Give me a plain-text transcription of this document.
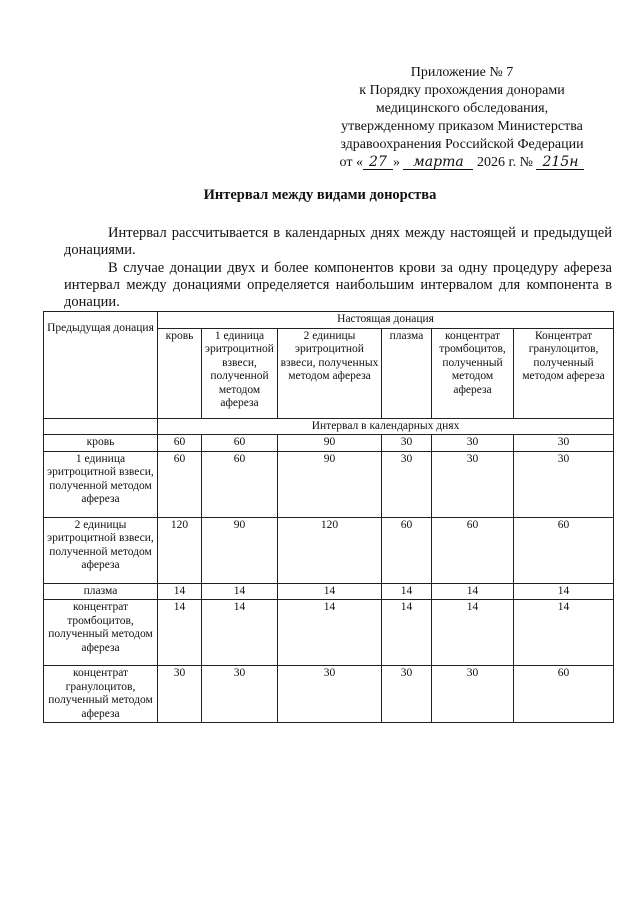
Приложение № 7
к Порядку прохождения донорами
медицинского обследования,
утвержденному приказом Министерства
здравоохранения Российской Федерации
от « 27 » марта 2026 г. № 215н
Интервал между видами донорства

Интервал рассчитывается в календарных днях между настоящей и предыдущей донациями.

В случае донации двух и более компонентов крови за одну процедуру афереза интервал между донациями определяется наибольшим интервалом для компонента в донации.

Предыдущая донация	Настоящая донация					
	кровь	1 единица эритроцитной взвеси, полученной методом афереза	2 единицы эритроцитной взвеси, полученных методом афереза	плазма	концентрат тромбоцитов, полученный методом афереза	Концентрат гранулоцитов, полученный методом афереза
	Интервал в календарных днях					
кровь	60	60	90	30	30	30
1 единица эритроцитной взвеси, полученной методом афереза	60	60	90	30	30	30
2 единицы эритроцитной взвеси, полученной методом афереза	120	90	120	60	60	60
плазма	14	14	14	14	14	14
концентрат тромбоцитов, полученный методом афереза	14	14	14	14	14	14
концентрат гранулоцитов, полученный методом афереза	30	30	30	30	30	60
